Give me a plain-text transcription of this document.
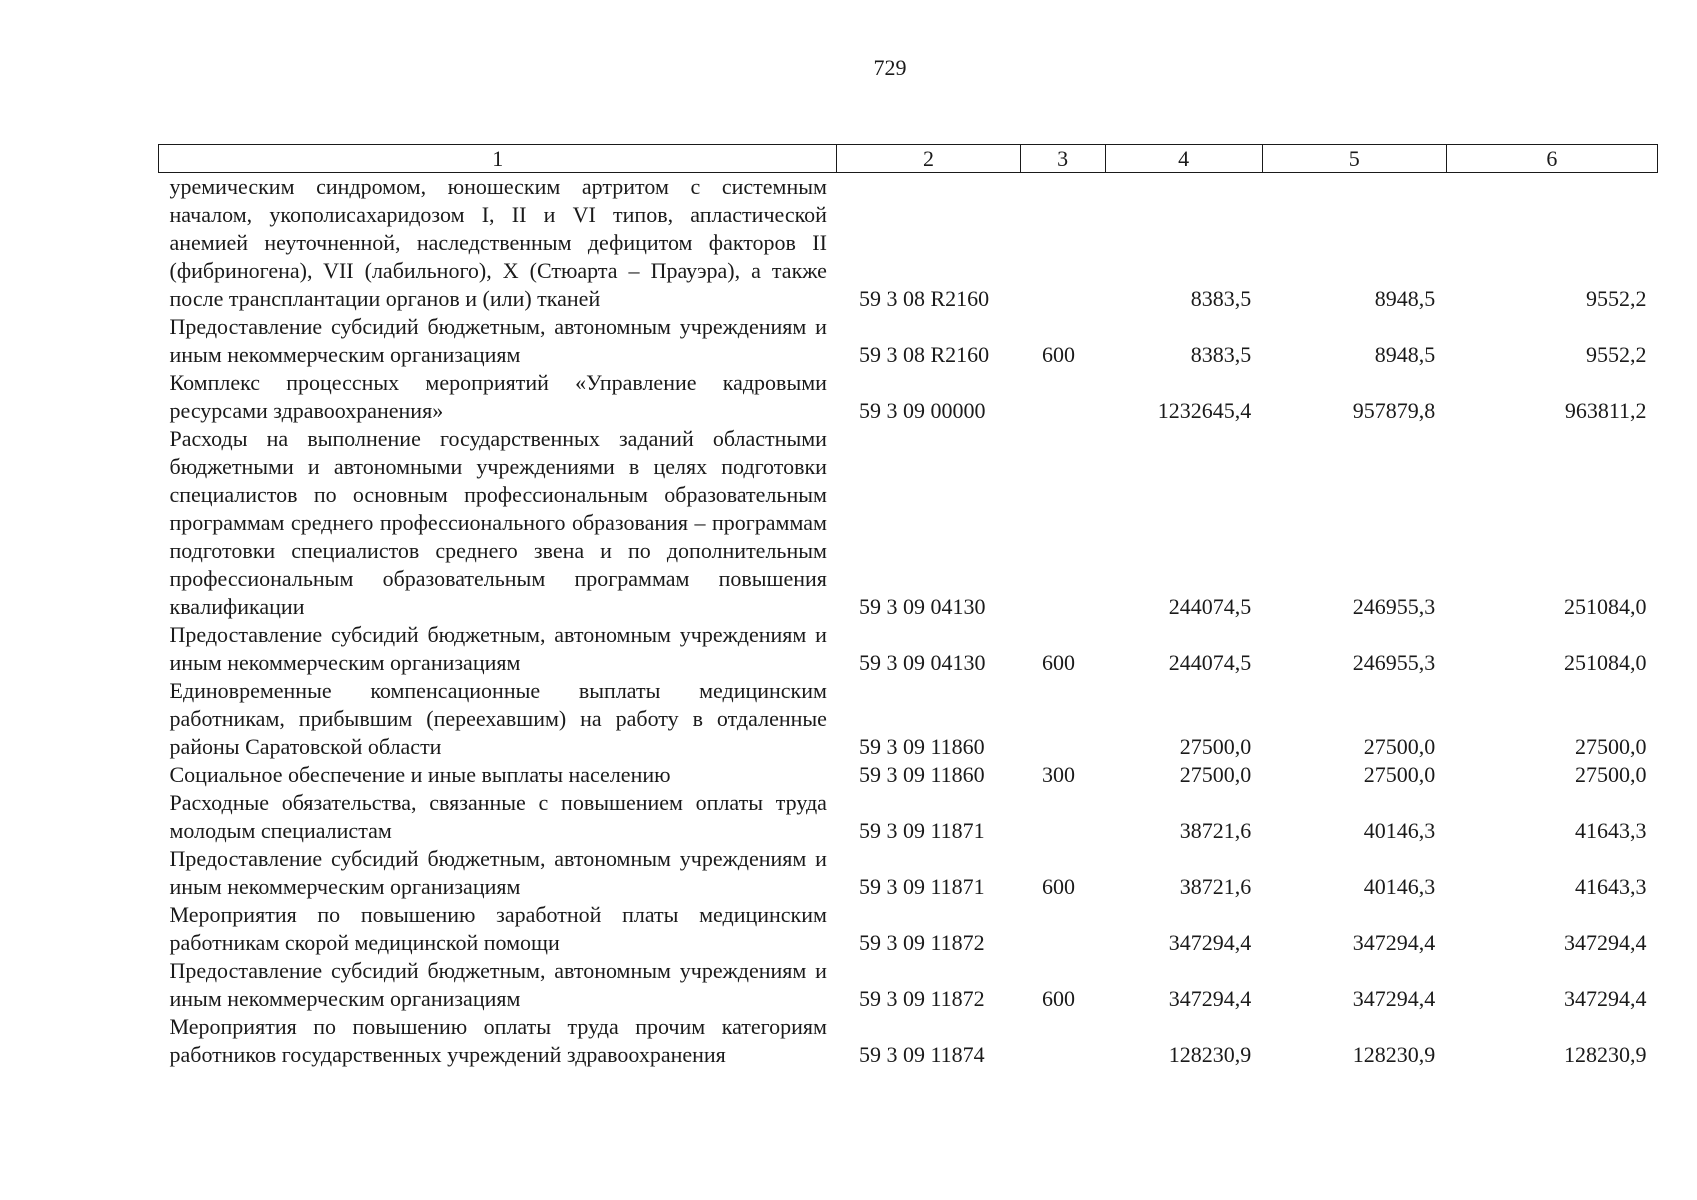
729
1	2	3	4	5	6
уремическим синдромом, юношеским артритом с системным началом, укополисахаридозом I, II и VI типов, апластической анемией неуточненной, наследственным дефицитом факторов II (фибриногена), VII (лабильного), X (Стюарта – Прауэра), а также после трансплантации органов и (или) тканей	59 3 08 R2160		8383,5	8948,5	9552,2
Предоставление субсидий бюджетным, автономным учреждениям и иным некоммерческим организациям	59 3 08 R2160	600	8383,5	8948,5	9552,2
Комплекс процессных мероприятий «Управление кадровыми ресурсами здравоохранения»	59 3 09 00000		1232645,4	957879,8	963811,2
Расходы на выполнение государственных заданий областными бюджетными и автономными учреждениями в целях подготовки специалистов по основным профессиональным образовательным программам среднего профессионального образования – программам подготовки специалистов среднего звена и по дополнительным профессиональным образовательным программам повышения квалификации	59 3 09 04130		244074,5	246955,3	251084,0
Предоставление субсидий бюджетным, автономным учреждениям и иным некоммерческим организациям	59 3 09 04130	600	244074,5	246955,3	251084,0
Единовременные компенсационные выплаты медицинским работникам, прибывшим (переехавшим) на работу в отдаленные районы Саратовской области	59 3 09 11860		27500,0	27500,0	27500,0
Социальное обеспечение и иные выплаты населению	59 3 09 11860	300	27500,0	27500,0	27500,0
Расходные обязательства, связанные с повышением оплаты труда молодым специалистам	59 3 09 11871		38721,6	40146,3	41643,3
Предоставление субсидий бюджетным, автономным учреждениям и иным некоммерческим организациям	59 3 09 11871	600	38721,6	40146,3	41643,3
Мероприятия по повышению заработной платы медицинским работникам скорой медицинской помощи	59 3 09 11872		347294,4	347294,4	347294,4
Предоставление субсидий бюджетным, автономным учреждениям и иным некоммерческим организациям	59 3 09 11872	600	347294,4	347294,4	347294,4
Мероприятия по повышению оплаты труда прочим категориям работников государственных учреждений здравоохранения	59 3 09 11874		128230,9	128230,9	128230,9
